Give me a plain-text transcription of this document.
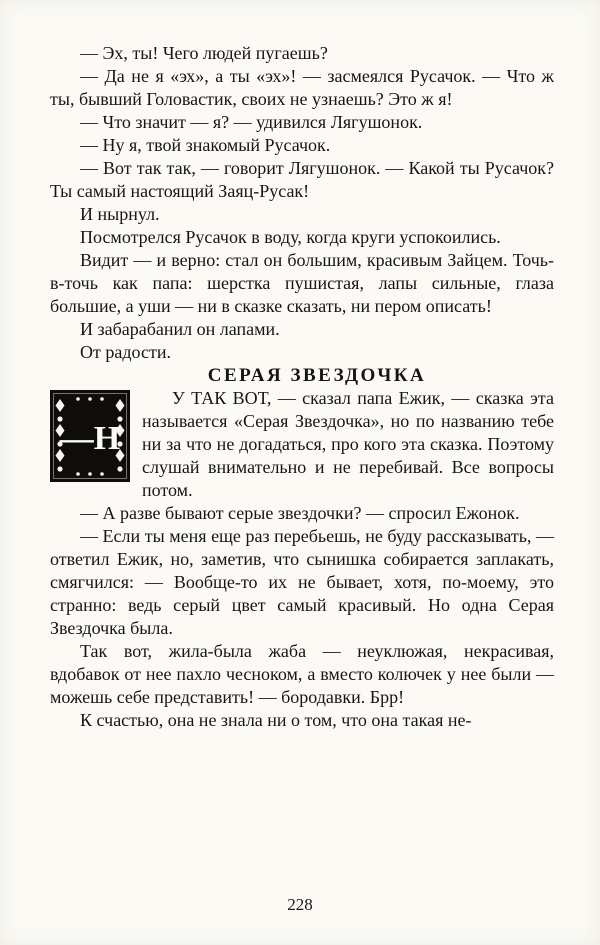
— Эх, ты! Чего людей пугаешь?

— Да не я «эх», а ты «эх»! — засмеялся Русачок. — Что ж ты, бывший Головастик, своих не узнаешь? Это ж я!

— Что значит — я? — удивился Лягушонок.

— Ну я, твой знакомый Русачок.

— Вот так так, — говорит Лягушонок. — Какой ты Русачок? Ты самый настоящий Заяц-Русак!

И нырнул.

Посмотрелся Русачок в воду, когда круги успокоились.

Видит — и верно: стал он большим, красивым Зайцем. Точь-в-точь как папа: шерстка пушистая, лапы сильные, глаза большие, а уши — ни в сказке сказать, ни пером описать!

И забарабанил он лапами.

От радости.

СЕРАЯ ЗВЕЗДОЧКА

—Н
У ТАК ВОТ, — сказал папа Ежик, — сказка эта называется «Серая Звездочка», но по названию тебе ни за что не догадаться, про кого эта сказка. Поэтому слушай внимательно и не перебивай. Все вопросы потом.

— А разве бывают серые звездочки? — спросил Ежонок.

— Если ты меня еще раз перебьешь, не буду рассказывать, — ответил Ежик, но, заметив, что сынишка собирается заплакать, смягчился: — Вообще-то их не бывает, хотя, по-моему, это странно: ведь серый цвет самый красивый. Но одна Серая Звездочка была.

Так вот, жила-была жаба — неуклюжая, некрасивая, вдобавок от нее пахло чесноком, а вместо колючек у нее были — можешь себе представить! — бородавки. Брр!

К счастью, она не знала ни о том, что она такая не-

228
